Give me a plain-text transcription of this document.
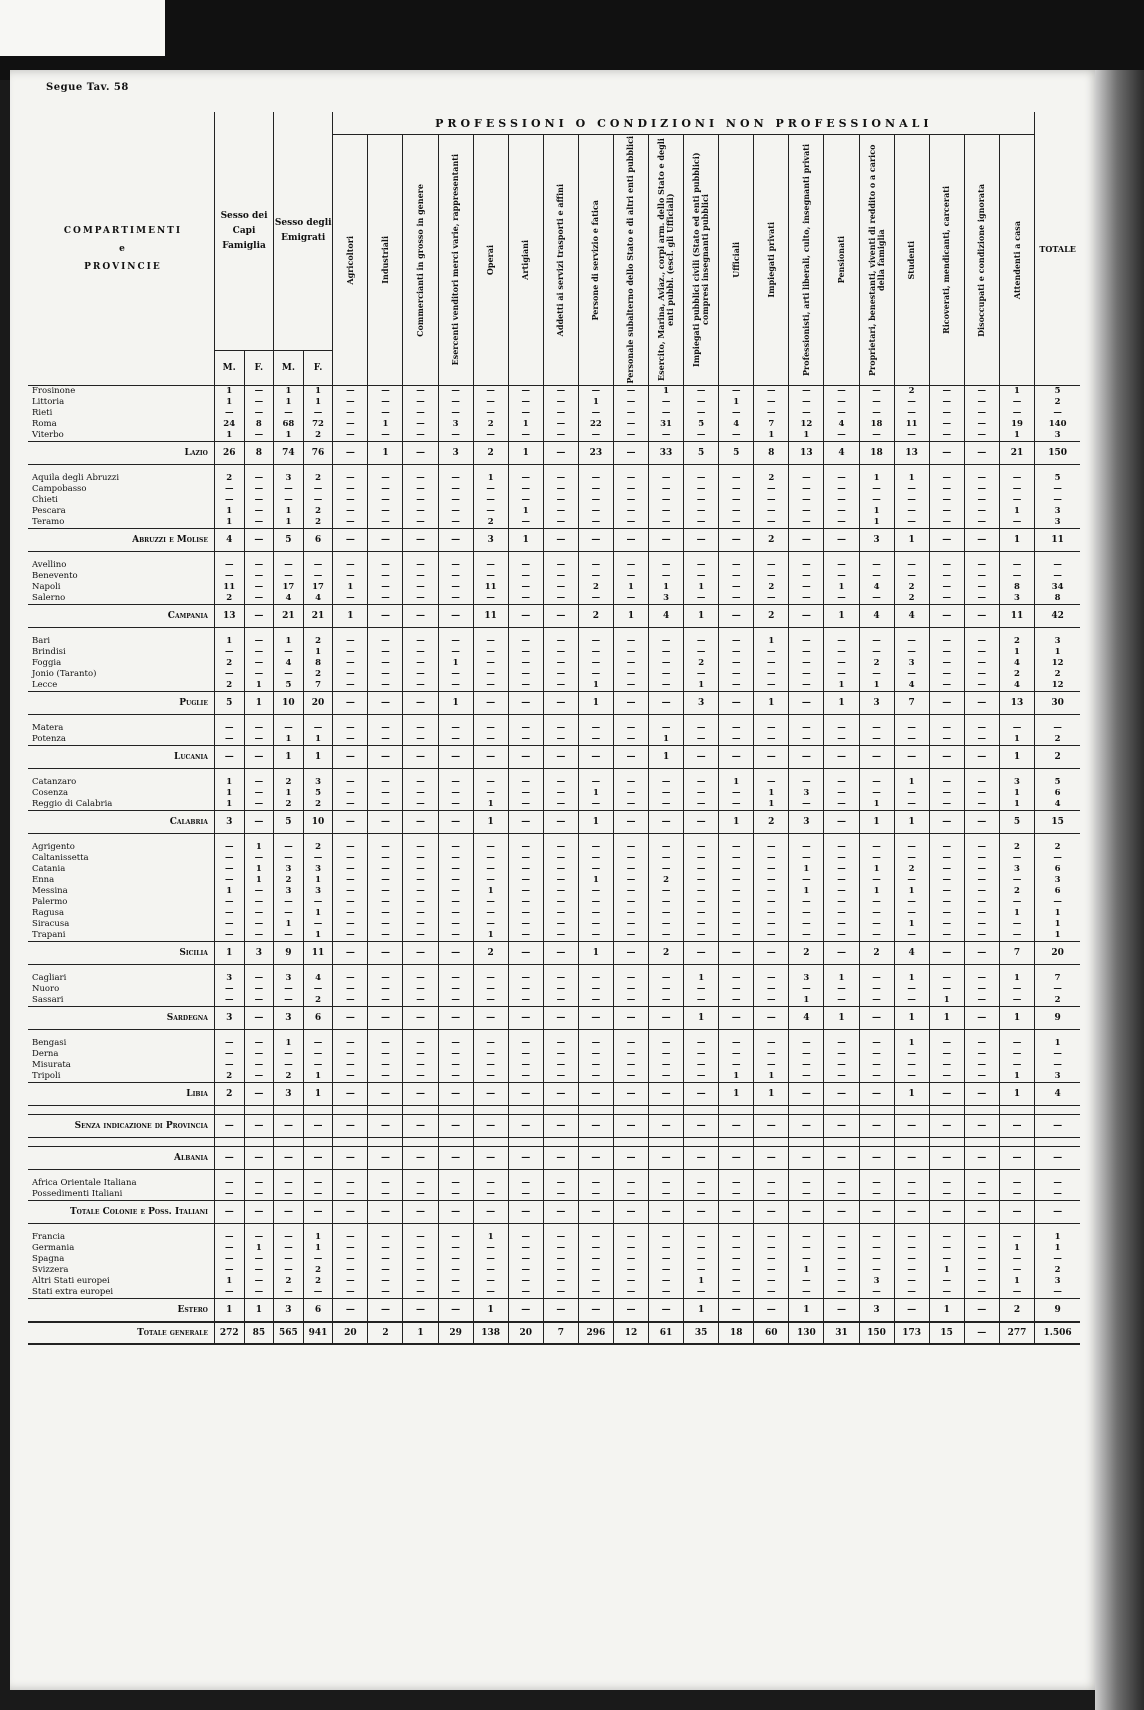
Segue Tav. 58
COMPARTIMENTI
e
PROVINCIE	Sesso dei Capi Famiglia		Sesso degli Emigrati		PROFESSIONI O CONDIZIONI NON PROFESSIONALI																				TOTALE

					Agricoltori	Industriali	Commercianti in grosso in genere	Esercenti venditori merci varie, rappresentanti	Operai	Artigiani	Addetti ai servizi trasporti e affini	Persone di servizio e fatica	Personale subalterno dello Stato e di altri enti pubblici	Esercito, Marina, Aviaz., corpi arm. dello Stato e degli enti pubbl. (escl. gli Ufficiali)	Impiegati pubblici civili (Stato ed enti pubblici) compresi insegnanti pubblici	Ufficiali	Impiegati privati	Professionisti, arti liberali, culto, insegnanti privati	Pensionati	Proprietari, benestanti, viventi di reddito o a carico della famiglia	Studenti	Ricoverati, mendicanti, carcerati	Disoccupati e condizione ignorata	Attendenti a casa	

	M.	F.	M.	F.																					
Frosinone	1	—	1	1	—	—	—	—	—	—	—	—	—	1	—	—	—	—	—	—	2	—	—	1	5
Littoria	1	—	1	1	—	—	—	—	—	—	—	1	—	—	—	1	—	—	—	—	—	—	—	—	2
Rieti	—	—	—	—	—	—	—	—	—	—	—	—	—	—	—	—	—	—	—	—	—	—	—	—	—
Roma	24	8	68	72	—	1	—	3	2	1	—	22	—	31	5	4	7	12	4	18	11	—	—	19	140
Viterbo	1	—	1	2	—	—	—	—	—	—	—	—	—	—	—	—	1	1	—	—	—	—	—	1	3
Lazio	26	8	74	76	—	1	—	3	2	1	—	23	—	33	5	5	8	13	4	18	13	—	—	21	150

Aquila degli Abruzzi	2	—	3	2	—	—	—	—	1	—	—	—	—	—	—	—	2	—	—	1	1	—	—	—	5
Campobasso	—	—	—	—	—	—	—	—	—	—	—	—	—	—	—	—	—	—	—	—	—	—	—	—	—
Chieti	—	—	—	—	—	—	—	—	—	—	—	—	—	—	—	—	—	—	—	—	—	—	—	—	—
Pescara	1	—	1	2	—	—	—	—	—	1	—	—	—	—	—	—	—	—	—	1	—	—	—	1	3
Teramo	1	—	1	2	—	—	—	—	2	—	—	—	—	—	—	—	—	—	—	1	—	—	—	—	3
Abruzzi e Molise	4	—	5	6	—	—	—	—	3	1	—	—	—	—	—	—	2	—	—	3	1	—	—	1	11

Avellino	—	—	—	—	—	—	—	—	—	—	—	—	—	—	—	—	—	—	—	—	—	—	—	—	—
Benevento	—	—	—	—	—	—	—	—	—	—	—	—	—	—	—	—	—	—	—	—	—	—	—	—	—
Napoli	11	—	17	17	1	—	—	—	11	—	—	2	1	1	1	—	2	—	1	4	2	—	—	8	34
Salerno	2	—	4	4	—	—	—	—	—	—	—	—	—	3	—	—	—	—	—	—	2	—	—	3	8
Campania	13	—	21	21	1	—	—	—	11	—	—	2	1	4	1	—	2	—	1	4	4	—	—	11	42

Bari	1	—	1	2	—	—	—	—	—	—	—	—	—	—	—	—	1	—	—	—	—	—	—	2	3
Brindisi	—	—	—	1	—	—	—	—	—	—	—	—	—	—	—	—	—	—	—	—	—	—	—	1	1
Foggia	2	—	4	8	—	—	—	1	—	—	—	—	—	—	2	—	—	—	—	2	3	—	—	4	12
Jonio (Taranto)	—	—	—	2	—	—	—	—	—	—	—	—	—	—	—	—	—	—	—	—	—	—	—	2	2
Lecce	2	1	5	7	—	—	—	—	—	—	—	1	—	—	1	—	—	—	1	1	4	—	—	4	12
Puglie	5	1	10	20	—	—	—	1	—	—	—	1	—	—	3	—	1	—	1	3	7	—	—	13	30

Matera	—	—	—	—	—	—	—	—	—	—	—	—	—	—	—	—	—	—	—	—	—	—	—	—	—
Potenza	—	—	1	1	—	—	—	—	—	—	—	—	—	1	—	—	—	—	—	—	—	—	—	1	2
Lucania	—	—	1	1	—	—	—	—	—	—	—	—	—	1	—	—	—	—	—	—	—	—	—	1	2

Catanzaro	1	—	2	3	—	—	—	—	—	—	—	—	—	—	—	1	—	—	—	—	1	—	—	3	5
Cosenza	1	—	1	5	—	—	—	—	—	—	—	1	—	—	—	—	1	3	—	—	—	—	—	1	6
Reggio di Calabria	1	—	2	2	—	—	—	—	1	—	—	—	—	—	—	—	1	—	—	1	—	—	—	1	4
Calabria	3	—	5	10	—	—	—	—	1	—	—	1	—	—	—	1	2	3	—	1	1	—	—	5	15

Agrigento	—	1	—	2	—	—	—	—	—	—	—	—	—	—	—	—	—	—	—	—	—	—	—	2	2
Caltanissetta	—	—	—	—	—	—	—	—	—	—	—	—	—	—	—	—	—	—	—	—	—	—	—	—	—
Catania	—	1	3	3	—	—	—	—	—	—	—	—	—	—	—	—	—	1	—	1	2	—	—	3	6
Enna	—	1	2	1	—	—	—	—	—	—	—	1	—	2	—	—	—	—	—	—	—	—	—	—	3
Messina	1	—	3	3	—	—	—	—	1	—	—	—	—	—	—	—	—	1	—	1	1	—	—	2	6
Palermo	—	—	—	—	—	—	—	—	—	—	—	—	—	—	—	—	—	—	—	—	—	—	—	—	—
Ragusa	—	—	—	1	—	—	—	—	—	—	—	—	—	—	—	—	—	—	—	—	—	—	—	1	1
Siracusa	—	—	1	—	—	—	—	—	—	—	—	—	—	—	—	—	—	—	—	—	1	—	—	—	1
Trapani	—	—	—	1	—	—	—	—	1	—	—	—	—	—	—	—	—	—	—	—	—	—	—	—	1
Sicilia	1	3	9	11	—	—	—	—	2	—	—	1	—	2	—	—	—	2	—	2	4	—	—	7	20

Cagliari	3	—	3	4	—	—	—	—	—	—	—	—	—	—	1	—	—	3	1	—	1	—	—	1	7
Nuoro	—	—	—	—	—	—	—	—	—	—	—	—	—	—	—	—	—	—	—	—	—	—	—	—	—
Sassari	—	—	—	2	—	—	—	—	—	—	—	—	—	—	—	—	—	1	—	—	—	1	—	—	2
Sardegna	3	—	3	6	—	—	—	—	—	—	—	—	—	—	1	—	—	4	1	—	1	1	—	1	9

Bengasi	—	—	1	—	—	—	—	—	—	—	—	—	—	—	—	—	—	—	—	—	1	—	—	—	1
Derna	—	—	—	—	—	—	—	—	—	—	—	—	—	—	—	—	—	—	—	—	—	—	—	—	—
Misurata	—	—	—	—	—	—	—	—	—	—	—	—	—	—	—	—	—	—	—	—	—	—	—	—	—
Tripoli	2	—	2	1	—	—	—	—	—	—	—	—	—	—	—	1	1	—	—	—	—	—	—	1	3
Libia	2	—	3	1	—	—	—	—	—	—	—	—	—	—	—	1	1	—	—	—	1	—	—	1	4

Senza indicazione di Provincia	—	—	—	—	—	—	—	—	—	—	—	—	—	—	—	—	—	—	—	—	—	—	—	—	—

Albania	—	—	—	—	—	—	—	—	—	—	—	—	—	—	—	—	—	—	—	—	—	—	—	—	—

Africa Orientale Italiana	—	—	—	—	—	—	—	—	—	—	—	—	—	—	—	—	—	—	—	—	—	—	—	—	—
Possedimenti Italiani	—	—	—	—	—	—	—	—	—	—	—	—	—	—	—	—	—	—	—	—	—	—	—	—	—
Totale Colonie e Poss. Italiani	—	—	—	—	—	—	—	—	—	—	—	—	—	—	—	—	—	—	—	—	—	—	—	—	—

Francia	—	—	—	1	—	—	—	—	1	—	—	—	—	—	—	—	—	—	—	—	—	—	—	—	1
Germania	—	1	—	1	—	—	—	—	—	—	—	—	—	—	—	—	—	—	—	—	—	—	—	1	1
Spagna	—	—	—	—	—	—	—	—	—	—	—	—	—	—	—	—	—	—	—	—	—	—	—	—	—
Svizzera	—	—	—	2	—	—	—	—	—	—	—	—	—	—	—	—	—	1	—	—	—	1	—	—	2
Altri Stati europei	1	—	2	2	—	—	—	—	—	—	—	—	—	—	1	—	—	—	—	3	—	—	—	1	3
Stati extra europei	—	—	—	—	—	—	—	—	—	—	—	—	—	—	—	—	—	—	—	—	—	—	—	—	—
Estero	1	1	3	6	—	—	—	—	1	—	—	—	—	—	1	—	—	1	—	3	—	1	—	2	9
Totale generale	272	85	565	941	20	2	1	29	138	20	7	296	12	61	35	18	60	130	31	150	173	15	—	277	1.506
